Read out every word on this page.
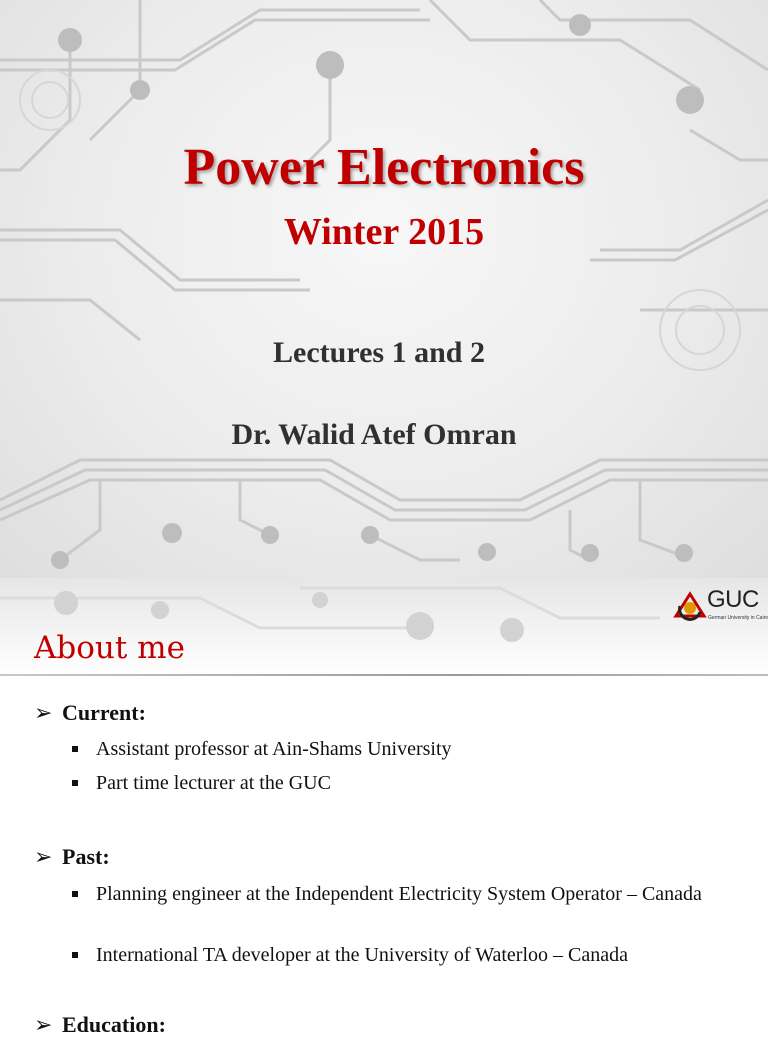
Power Electronics
Winter 2015
Lectures 1 and 2
Dr. Walid Atef Omran
GUC
German University in Cairo
About me
➢ Current:
Assistant professor at Ain-Shams University
Part time lecturer at the GUC
➢ Past:
Planning engineer at the Independent Electricity System Operator – Canada
International TA developer at the University of Waterloo – Canada
➢ Education:
